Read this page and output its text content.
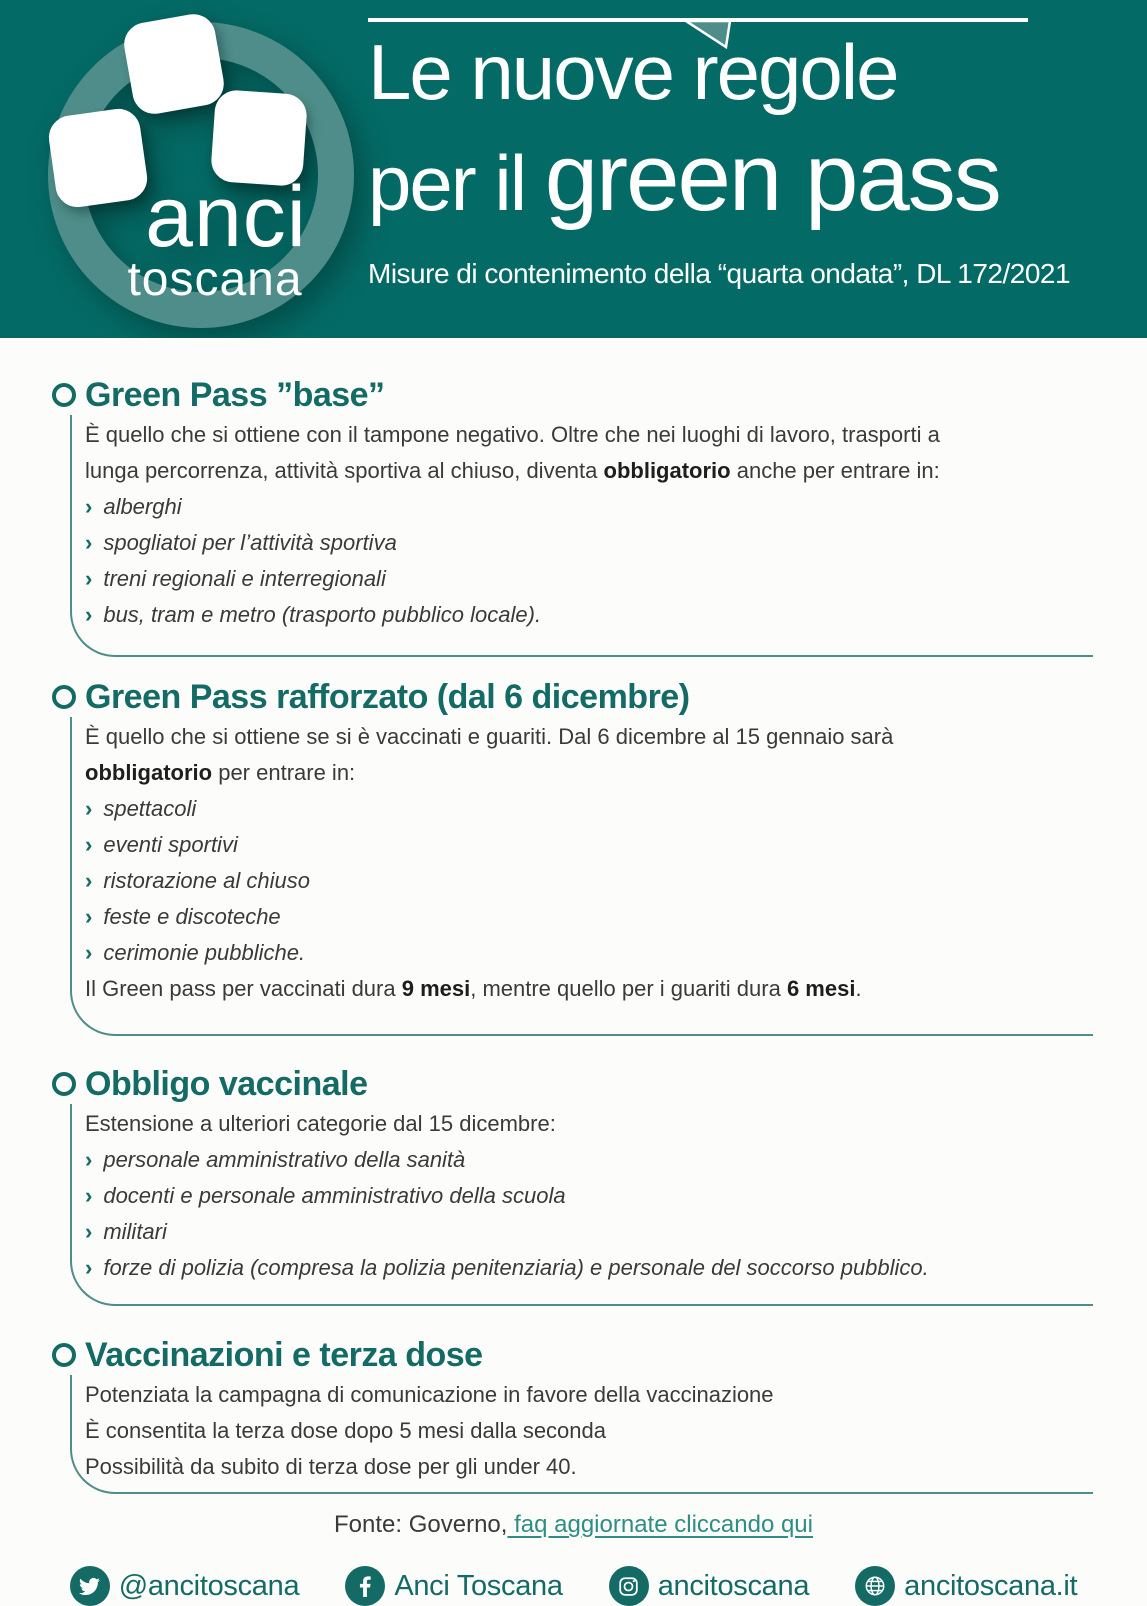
anci
toscana
Le nuove regole
per il green pass

Misure di contenimento della “quarta ondata”, DL 172/2021

Green Pass ”base”
È quello che si ottiene con il tampone negativo. Oltre che nei luoghi di lavoro, trasporti a
lunga percorrenza, attività sportiva al chiuso, diventa obbligatorio anche per entrare in:
› alberghi
› spogliatoi per l’attività sportiva
› treni regionali e interregionali
› bus, tram e metro (trasporto pubblico locale).
Green Pass rafforzato (dal 6 dicembre)
È quello che si ottiene se si è vaccinati e guariti. Dal 6 dicembre al 15 gennaio sarà
obbligatorio per entrare in:
› spettacoli
› eventi sportivi
› ristorazione al chiuso
› feste e discoteche
› cerimonie pubbliche.
Il Green pass per vaccinati dura 9 mesi, mentre quello per i guariti dura 6 mesi.
Obbligo vaccinale
Estensione a ulteriori categorie dal 15 dicembre:
› personale amministrativo della sanità
› docenti e personale amministrativo della scuola
› militari
› forze di polizia (compresa la polizia penitenziaria) e personale del soccorso pubblico.
Vaccinazioni e terza dose
Potenziata la campagna di comunicazione in favore della vaccinazione
È consentita la terza dose dopo 5 mesi dalla seconda
Possibilità da subito di terza dose per gli under 40.
Fonte: Governo, faq aggiornate cliccando qui
@ancitoscana	Anci Toscana	ancitoscana	ancitoscana.it
